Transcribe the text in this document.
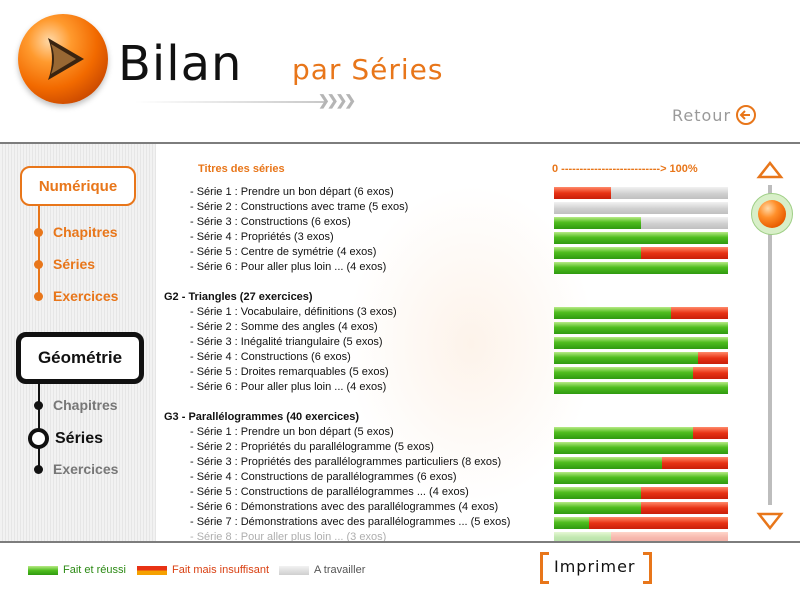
Bilan par Séries
❯❯❯❯
Retour
Numérique
Chapitres
Séries
Exercices
Géométrie
Chapitres
Séries
Exercices
Titres des séries	0 ---------------------------> 100%
- Série 1 : Prendre un bon départ (6 exos)
- Série 2 : Constructions avec trame (5 exos)
- Série 3 : Constructions (6 exos)
- Série 4 : Propriétés (3 exos)
- Série 5 : Centre de symétrie (4 exos)
- Série 6 : Pour aller plus loin ... (4 exos)
G2 - Triangles (27 exercices)
- Série 1 : Vocabulaire, définitions (3 exos)
- Série 2 : Somme des angles (4 exos)
- Série 3 : Inégalité triangulaire (5 exos)
- Série 4 : Constructions (6 exos)
- Série 5 : Droites remarquables (5 exos)
- Série 6 : Pour aller plus loin ... (4 exos)
G3 - Parallélogrammes (40 exercices)
- Série 1 : Prendre un bon départ (5 exos)
- Série 2 : Propriétés du parallélogramme (5 exos)
- Série 3 : Propriétés des parallélogrammes particuliers (8 exos)
- Série 4 : Constructions de parallélogrammes (6 exos)
- Série 5 : Constructions de parallélogrammes ... (4 exos)
- Série 6 : Démonstrations avec des parallélogrammes (4 exos)
- Série 7 : Démonstrations avec des parallélogrammes ... (5 exos)
- Série 8 : Pour aller plus loin ... (3 exos)
Fait et réussi	Fait mais insuffisant	A travailler	Imprimer
